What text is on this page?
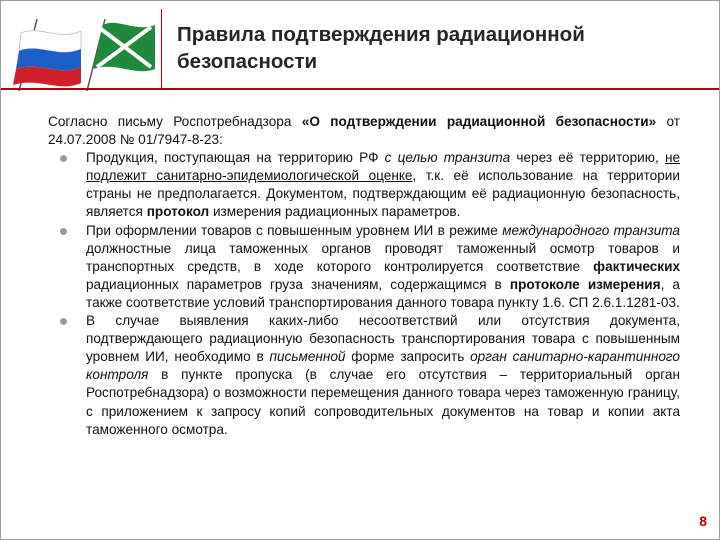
Правила подтверждения радиационной безопасности

Согласно письму Роспотребнадзора «О подтверждении радиационной безопасности» от 24.07.2008 № 01/7947-8-23:

Продукция, поступающая на территорию РФ с целью транзита через её территорию, не подлежит санитарно-эпидемиологической оценке, т.к. её использование на территории страны не предполагается. Документом, подтверждающим её радиационную безопасность, является протокол измерения радиационных параметров.
При оформлении товаров с повышенным уровнем ИИ в режиме международного транзита должностные лица таможенных органов проводят таможенный осмотр товаров и транспортных средств, в ходе которого контролируется соответствие фактических радиационных параметров груза значениям, содержащимся в протоколе измерения, а также соответствие условий транспортирования данного товара пункту 1.6. СП 2.6.1.1281-03.
В случае выявления каких-либо несоответствий или отсутствия документа, подтверждающего радиационную безопасность транспортирования товара с повышенным уровнем ИИ, необходимо в письменной форме запросить орган санитарно-карантинного контроля в пункте пропуска (в случае его отсутствия – территориальный орган Роспотребнадзора) о возможности перемещения данного товара через таможенную границу, с приложением к запросу копий сопроводительных документов на товар и копии акта таможенного осмотра.
8
